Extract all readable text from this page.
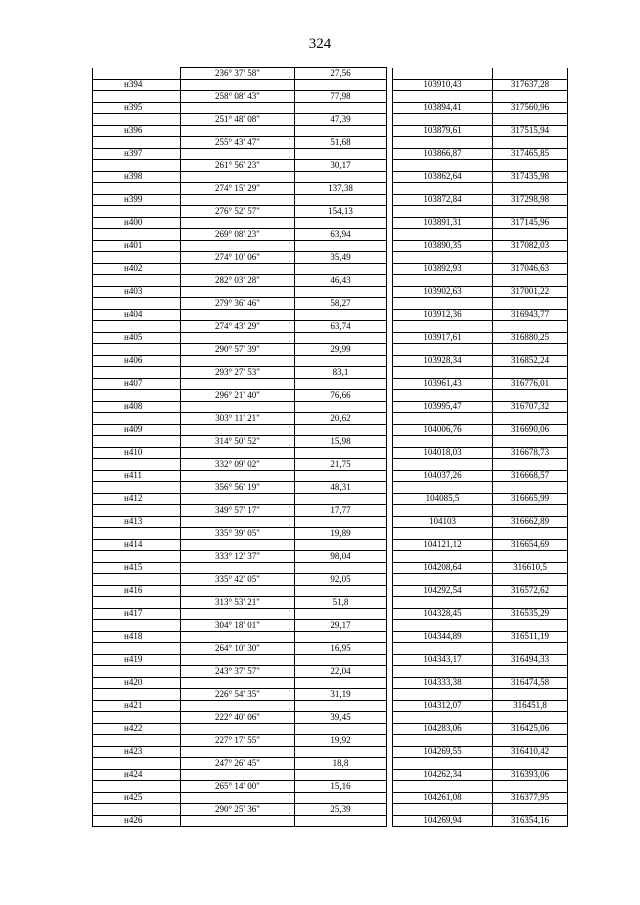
324
	236° 37' 58"	27,56			
н394				103910,43	317637,28
	258° 08' 43"	77,98			
н395				103894,41	317560,96
	251° 48' 08"	47,39			
н396				103879,61	317515,94
	255° 43' 47"	51,68			
н397				103866,87	317465,85
	261° 56' 23"	30,17			
н398				103862,64	317435,98
	274° 15' 29"	137,38			
н399				103872,84	317298,98
	276° 52' 57"	154,13			
н400				103891,31	317145,96
	269° 08' 23"	63,94			
н401				103890,35	317082,03
	274° 10' 06"	35,49			
н402				103892,93	317046,63
	282° 03' 28"	46,43			
н403				103902,63	317001,22
	279° 36' 46"	58,27			
н404				103912,36	316943,77
	274° 43' 29"	63,74			
н405				103917,61	316880,25
	290° 57' 39"	29,99			
н406				103928,34	316852,24
	293° 27' 53"	83,1			
н407				103961,43	316776,01
	296° 21' 40"	76,66			
н408				103995,47	316707,32
	303° 11' 21"	20,62			
н409				104006,76	316690,06
	314° 50' 52"	15,98			
н410				104018,03	316678,73
	332° 09' 02"	21,75			
н411				104037,26	316668,57
	356° 56' 19"	48,31			
н412				104085,5	316665,99
	349° 57' 17"	17,77			
н413				104103	316662,89
	335° 39' 05"	19,89			
н414				104121,12	316654,69
	333° 12' 37"	98,04			
н415				104208,64	316610,5
	335° 42' 05"	92,05			
н416				104292,54	316572,62
	313° 53' 21"	51,8			
н417				104328,45	316535,29
	304° 18' 01"	29,17			
н418				104344,89	316511,19
	264° 10' 30"	16,95			
н419				104343,17	316494,33
	243° 37' 57"	22,04			
н420				104333,38	316474,58
	226° 54' 35"	31,19			
н421				104312,07	316451,8
	222° 40' 06"	39,45			
н422				104283,06	316425,06
	227° 17' 55"	19,92			
н423				104269,55	316410,42
	247° 26' 45"	18,8			
н424				104262,34	316393,06
	265° 14' 00"	15,16			
н425				104261,08	316377,95
	290° 25' 36"	25,39			
н426				104269,94	316354,16
